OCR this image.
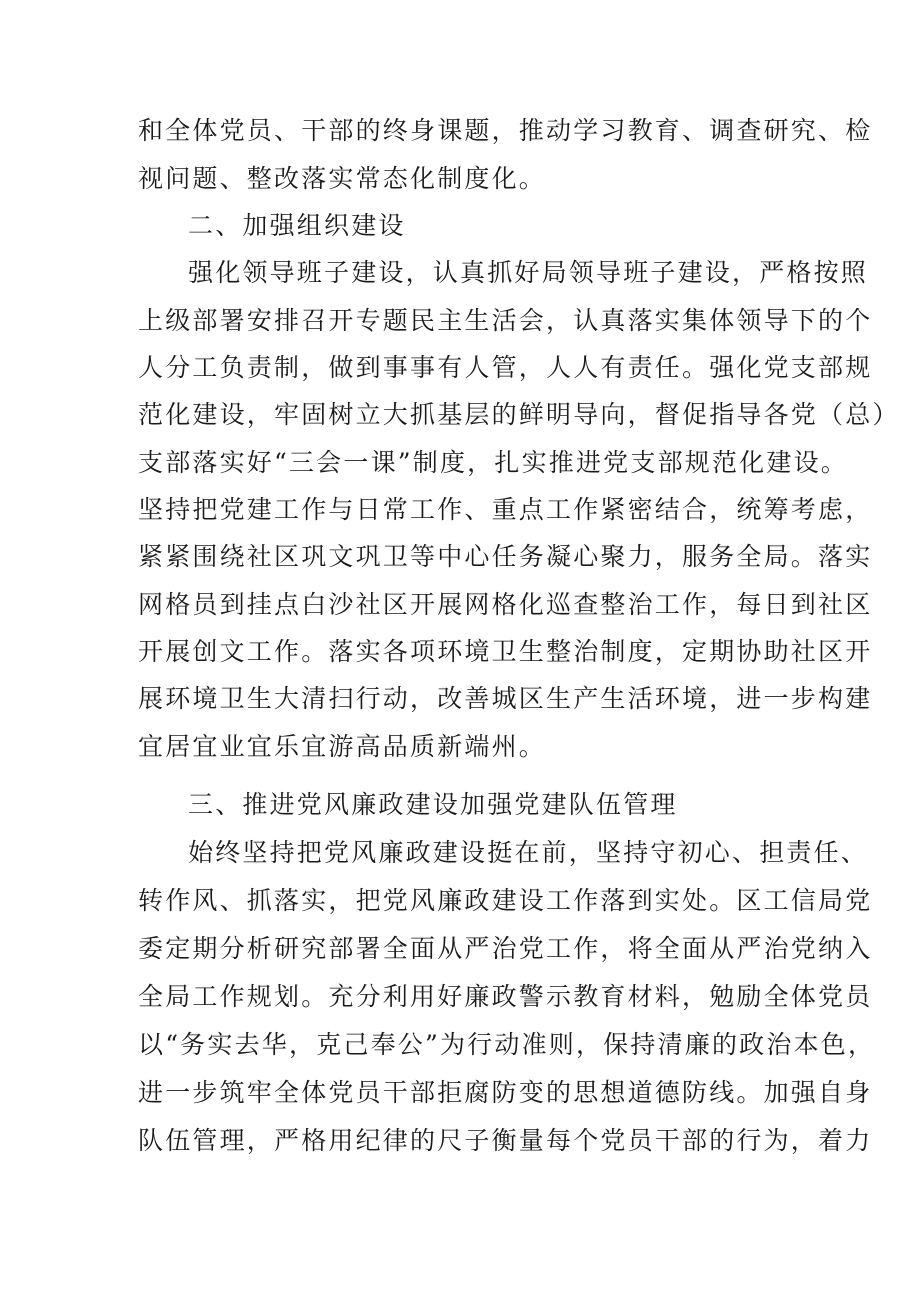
和全体党员、干部的终身课题，推动学习教育、调查研究、检
视问题、整改落实常态化制度化。
二、加强组织建设
强化领导班子建设，认真抓好局领导班子建设，严格按照
上级部署安排召开专题民主生活会，认真落实集体领导下的个
人分工负责制，做到事事有人管，人人有责任。强化党支部规
范化建设，牢固树立大抓基层的鲜明导向，督促指导各党（总）
支部落实好“三会一课”制度，扎实推进党支部规范化建设。
坚持把党建工作与日常工作、重点工作紧密结合，统筹考虑，
紧紧围绕社区巩文巩卫等中心任务凝心聚力，服务全局。落实
网格员到挂点白沙社区开展网格化巡查整治工作，每日到社区
开展创文工作。落实各项环境卫生整治制度，定期协助社区开
展环境卫生大清扫行动，改善城区生产生活环境，进一步构建
宜居宜业宜乐宜游高品质新端州。
三、推进党风廉政建设加强党建队伍管理
始终坚持把党风廉政建设挺在前，坚持守初心、担责任、
转作风、抓落实，把党风廉政建设工作落到实处。区工信局党
委定期分析研究部署全面从严治党工作，将全面从严治党纳入
全局工作规划。充分利用好廉政警示教育材料，勉励全体党员
以“务实去华，克己奉公”为行动准则，保持清廉的政治本色，
进一步筑牢全体党员干部拒腐防变的思想道德防线。加强自身
队伍管理，严格用纪律的尺子衡量每个党员干部的行为，着力
